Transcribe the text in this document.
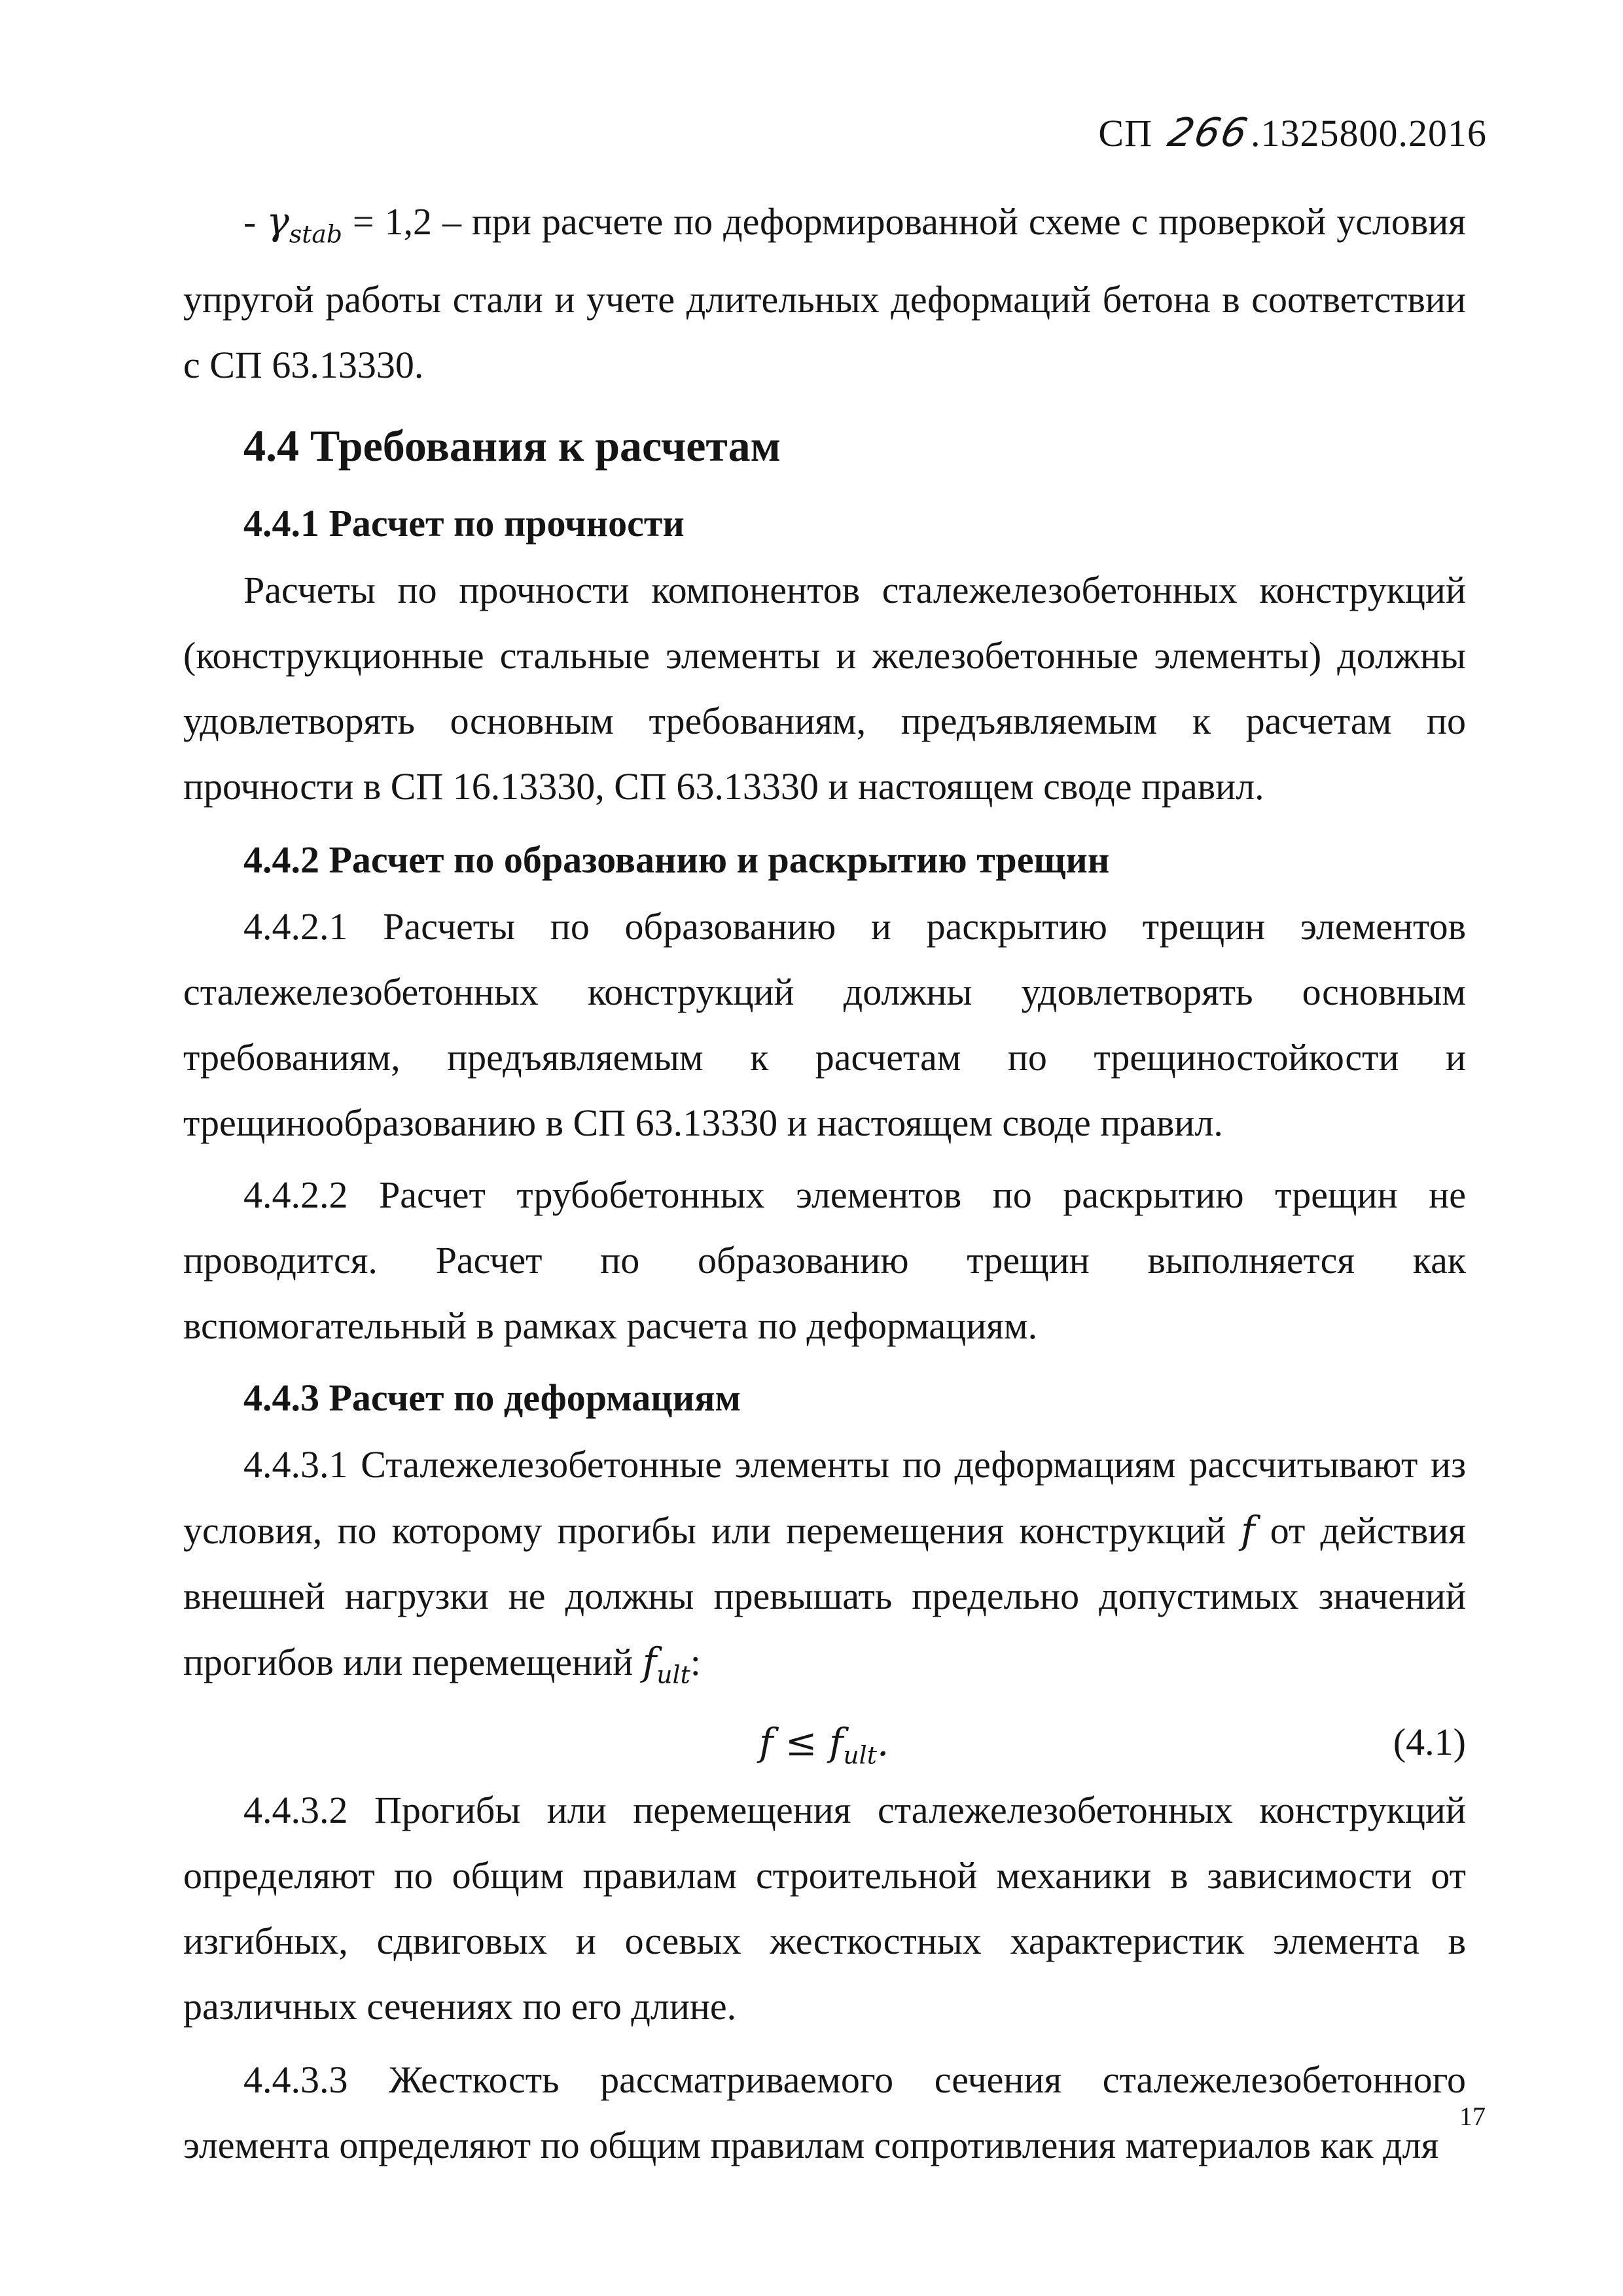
СП 266.1325800.2016

- $\gamma_{stab} = 1,2$ – при расчете по деформированной схеме с проверкой условия упругой работы стали и учете длительных деформаций бетона в соответствии с СП 63.13330.

4.4 Требования к расчетам
4.4.1 Расчет по прочности

Расчеты по прочности компонентов сталежелезобетонных конструкций (конструкционные стальные элементы и железобетонные элементы) должны удовлетворять основным требованиям, предъявляемым к расчетам по прочности в СП 16.13330, СП 63.13330 и настоящем своде правил.

4.4.2 Расчет по образованию и раскрытию трещин

4.4.2.1 Расчеты по образованию и раскрытию трещин элементов сталежелезобетонных конструкций должны удовлетворять основным требованиям, предъявляемым к расчетам по трещиностойкости и трещинообразованию в СП 63.13330 и настоящем своде правил.

4.4.2.2 Расчет трубобетонных элементов по раскрытию трещин не проводится. Расчет по образованию трещин выполняется как вспомогательный в рамках расчета по деформациям.

4.4.3 Расчет по деформациям

4.4.3.1 Сталежелезобетонные элементы по деформациям рассчитывают из условия, по которому прогибы или перемещения конструкций f от действия внешней нагрузки не должны превышать предельно допустимых значений прогибов или перемещений $f_{ult}$:

$f \le f_{ult}$.	(4.1)

4.4.3.2 Прогибы или перемещения сталежелезобетонных конструкций определяют по общим правилам строительной механики в зависимости от изгибных, сдвиговых и осевых жесткостных характеристик элемента в различных сечениях по его длине.

4.4.3.3 Жесткость рассматриваемого сечения сталежелезобетонного элемента определяют по общим правилам сопротивления материалов как для

17
